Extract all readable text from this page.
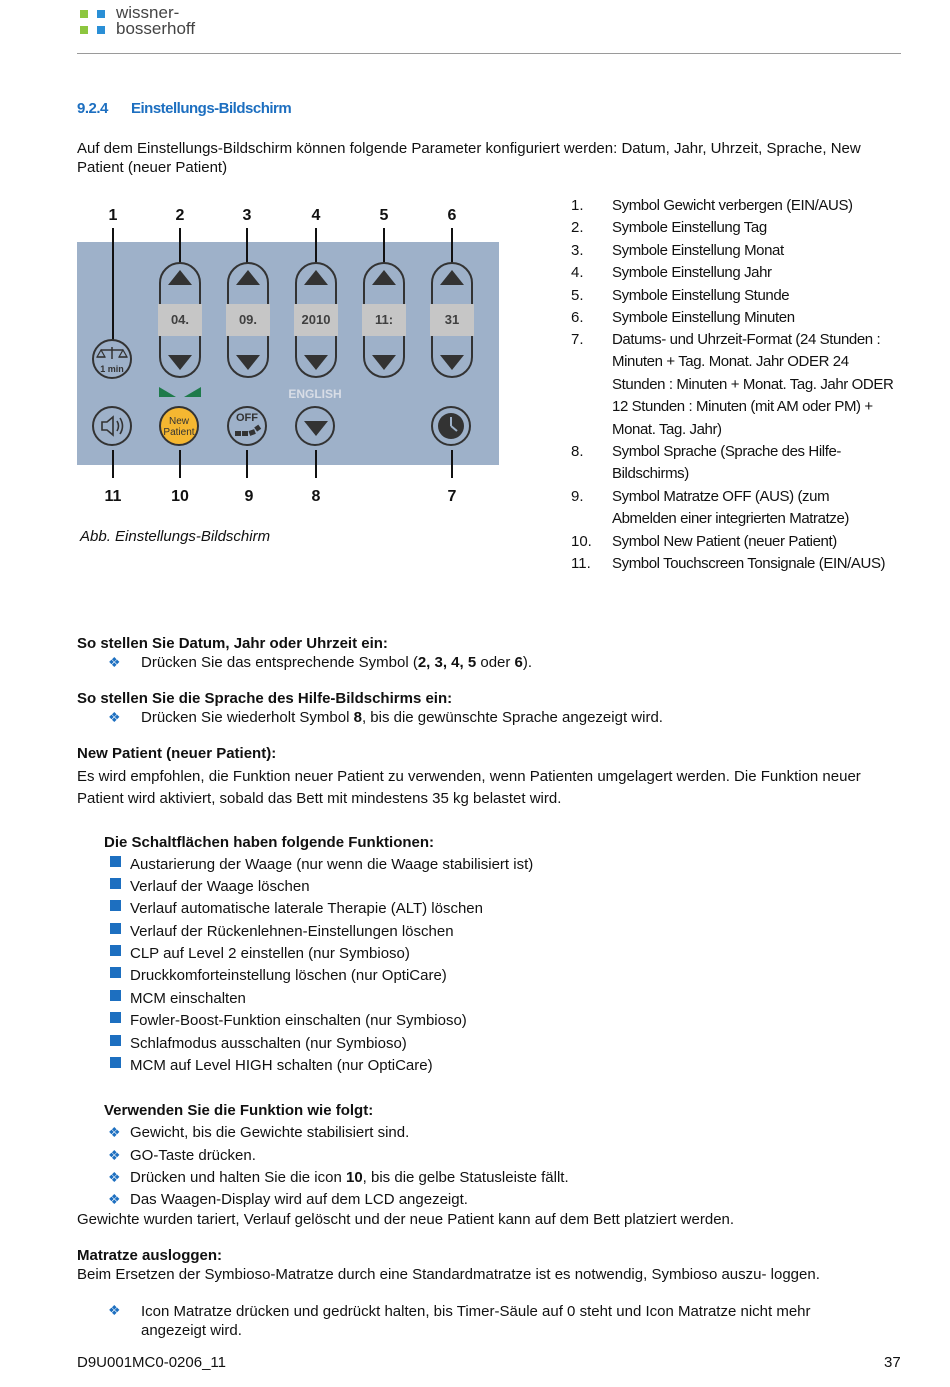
wissner-
bosserhoff
9.2.4 Einstellungs-Bildschirm
Auf dem Einstellungs-Bildschirm können folgende Parameter konfiguriert werden: Datum, Jahr, Uhrzeit, Sprache, New Patient (neuer Patient)
1	2	3	4	5	6
04.	09.	2010	11:	31
1 min
ENGLISH
New
Patient
OFF
11	10	9	8	7
Abb. Einstellungs-Bildschirm
1. Symbol Gewicht verbergen (EIN/AUS)
2. Symbole Einstellung Tag
3. Symbole Einstellung Monat
4. Symbole Einstellung Jahr
5. Symbole Einstellung Stunde
6. Symbole Einstellung Minuten
7. Datums- und Uhrzeit-Format (24 Stunden : Minuten + Tag. Monat. Jahr ODER 24 Stunden : Minuten + Monat. Tag. Jahr ODER 12 Stunden : Minuten (mit AM oder PM) + Monat. Tag. Jahr)
8. Symbol Sprache (Sprache des Hilfe-Bildschirms)
9. Symbol Matratze OFF (AUS) (zum Abmelden einer integrierten Matratze)
10. Symbol New Patient (neuer Patient)
11. Symbol Touchscreen Tonsignale (EIN/AUS)
So stellen Sie Datum, Jahr oder Uhrzeit ein:
❖ Drücken Sie das entsprechende Symbol (2, 3, 4, 5 oder 6).
So stellen Sie die Sprache des Hilfe-Bildschirms ein:
❖ Drücken Sie wiederholt Symbol 8, bis die gewünschte Sprache angezeigt wird.
New Patient (neuer Patient):
Es wird empfohlen, die Funktion neuer Patient zu verwenden, wenn Patienten umgelagert werden. Die Funktion neuer Patient wird aktiviert, sobald das Bett mit mindestens 35 kg belastet wird.
Die Schaltflächen haben folgende Funktionen:
Austarierung der Waage (nur wenn die Waage stabilisiert ist)
Verlauf der Waage löschen
Verlauf automatische laterale Therapie (ALT) löschen
Verlauf der Rückenlehnen-Einstellungen löschen
CLP auf Level 2 einstellen (nur Symbioso)
Druckkomforteinstellung löschen (nur OptiCare)
MCM einschalten
Fowler-Boost-Funktion einschalten (nur Symbioso)
Schlafmodus ausschalten (nur Symbioso)
MCM auf Level HIGH schalten (nur OptiCare)
Verwenden Sie die Funktion wie folgt:
❖ Gewicht, bis die Gewichte stabilisiert sind.
❖ GO-Taste drücken.
❖ Drücken und halten Sie die icon 10, bis die gelbe Statusleiste fällt.
❖ Das Waagen-Display wird auf dem LCD angezeigt.
Gewichte wurden tariert, Verlauf gelöscht und der neue Patient kann auf dem Bett platziert werden.
Matratze ausloggen:
Beim Ersetzen der Symbioso-Matratze durch eine Standardmatratze ist es notwendig, Symbioso auszu- loggen.
❖ Icon Matratze drücken und gedrückt halten, bis Timer-Säule auf 0 steht und Icon Matratze nicht mehr angezeigt wird.
D9U001MC0-0206_11	37
